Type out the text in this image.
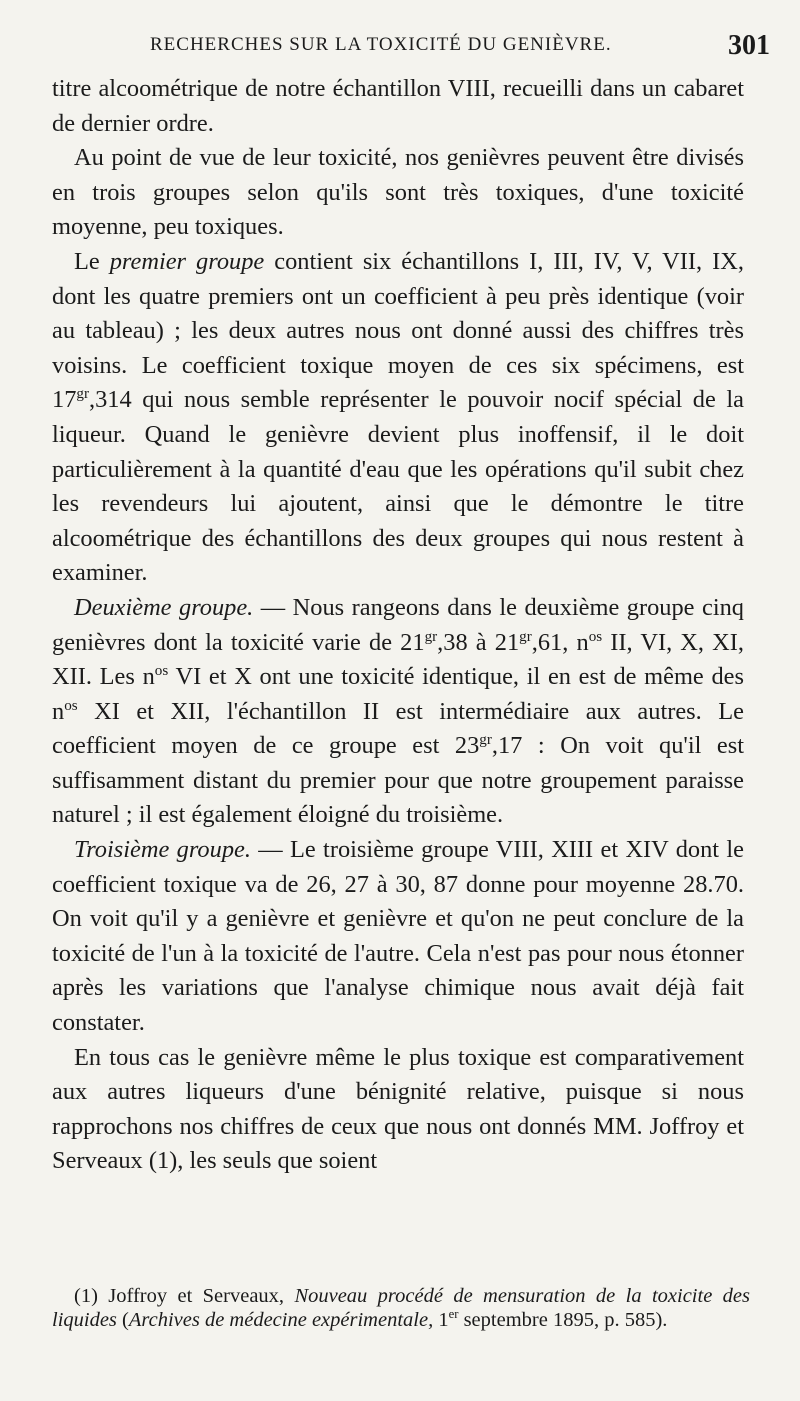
RECHERCHES SUR LA TOXICITÉ DU GENIÈVRE.	301

titre alcoométrique de notre échantillon VIII, recueilli dans un cabaret de dernier ordre.

Au point de vue de leur toxicité, nos genièvres peuvent être divisés en trois groupes selon qu'ils sont très toxiques, d'une toxicité moyenne, peu toxiques.

Le premier groupe contient six échantillons I, III, IV, V, VII, IX, dont les quatre premiers ont un coefficient à peu près identique (voir au tableau) ; les deux autres nous ont donné aussi des chiffres très voisins. Le coefficient toxique moyen de ces six spécimens, est $17^{gr},314$ qui nous semble représenter le pouvoir nocif spécial de la liqueur. Quand le genièvre devient plus inoffensif, il le doit particulièrement à la quantité d'eau que les opérations qu'il subit chez les revendeurs lui ajoutent, ainsi que le démontre le titre alcoométrique des échantillons des deux groupes qui nous restent à examiner.

Deuxième groupe. — Nous rangeons dans le deuxième groupe cinq genièvres dont la toxicité varie de $21^{gr},38$ à $21^{gr},61$, $n^{os}$ II, VI, X, XI, XII. Les $n^{os}$ VI et X ont une toxicité identique, il en est de même des $n^{os}$ XI et XII, l'échantillon II est intermédiaire aux autres. Le coefficient moyen de ce groupe est $23^{gr},17$ : On voit qu'il est suffisamment distant du premier pour que notre groupement paraisse naturel ; il est également éloigné du troisième.

Troisième groupe. — Le troisième groupe VIII, XIII et XIV dont le coefficient toxique va de 26, 27 à 30, 87 donne pour moyenne 28.70. On voit qu'il y a genièvre et genièvre et qu'on ne peut conclure de la toxicité de l'un à la toxicité de l'autre. Cela n'est pas pour nous étonner après les variations que l'analyse chimique nous avait déjà fait constater.

En tous cas le genièvre même le plus toxique est comparativement aux autres liqueurs d'une bénignité relative, puisque si nous rapprochons nos chiffres de ceux que nous ont donnés MM. Joffroy et Serveaux (1), les seuls que soient

(1) Joffroy et Serveaux, Nouveau procédé de mensuration de la toxicite des liquides (Archives de médecine expérimentale, 1er septembre 1895, p. 585).
